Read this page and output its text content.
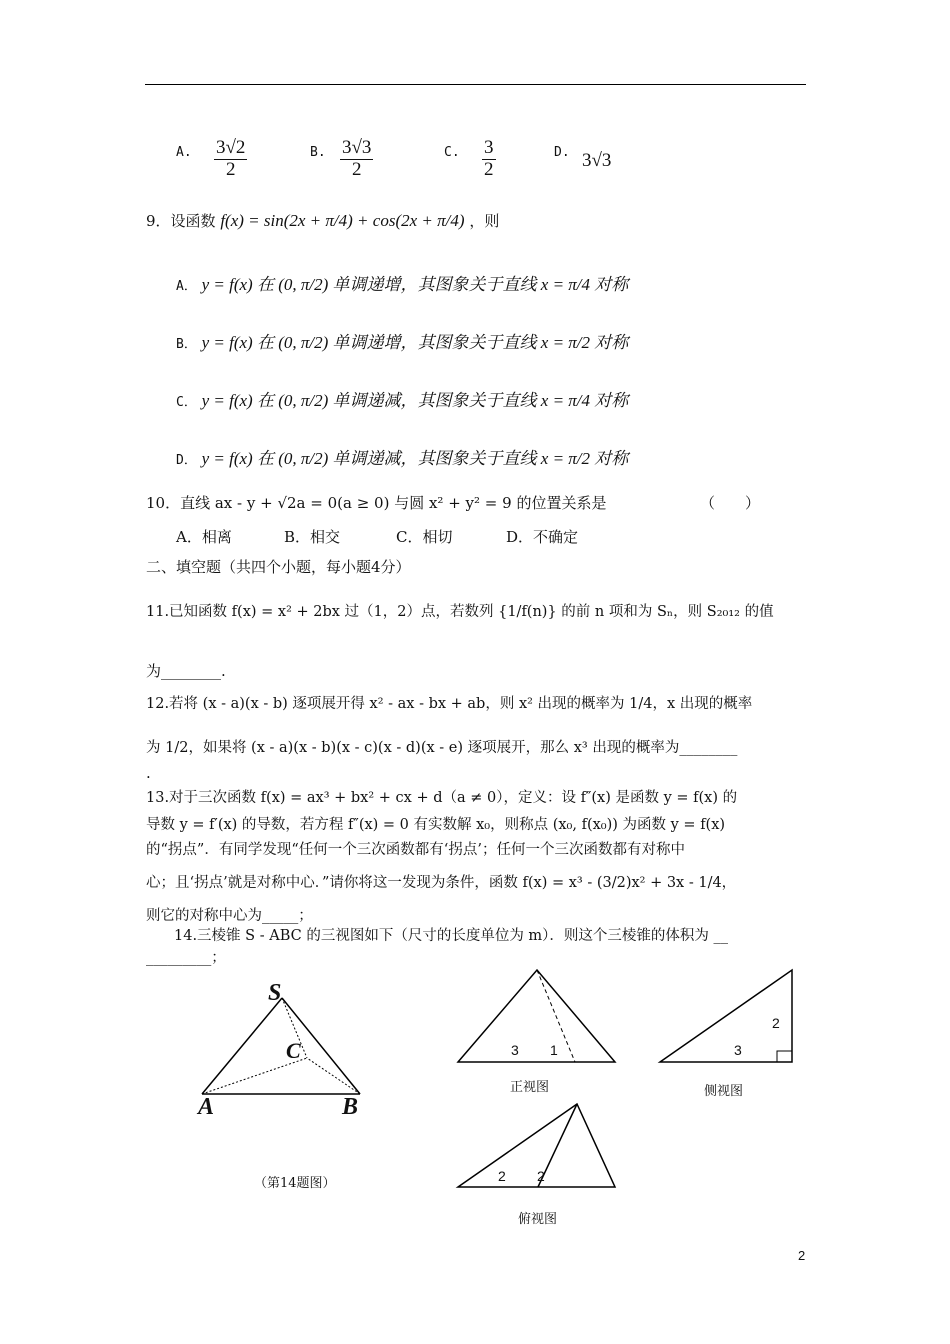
A. $\frac{3√2}{2}$	B. $\frac{3√3}{2}$	C. $\frac{3}{2}$	D. 3√3
9．设函数 f(x) = sin(2x + π/4) + cos(2x + π/4) ，则
A． y = f(x) 在 (0, π/2) 单调递增，其图象关于直线 x = π/4 对称
B． y = f(x) 在 (0, π/2) 单调递增，其图象关于直线 x = π/2 对称
C． y = f(x) 在 (0, π/2) 单调递减，其图象关于直线 x = π/4 对称
D． y = f(x) 在 (0, π/2) 单调递减，其图象关于直线 x = π/2 对称
10．直线 ax - y + √2a = 0(a ≥ 0) 与圆 x² + y² = 9 的位置关系是	（　　）
A．相离	B．相交	C．相切	D．不确定
二、填空题（共四个小题，每小题4分）
11.已知函数 f(x) = x² + 2bx 过（1，2）点，若数列 {1/f(n)} 的前 n 项和为 Sₙ，则 S₂₀₁₂ 的值
为________.
12.若将 (x - a)(x - b) 逐项展开得 x² - ax - bx + ab，则 x² 出现的概率为 1/4，x 出现的概率
为 1/2，如果将 (x - a)(x - b)(x - c)(x - d)(x - e) 逐项展开，那么 x³ 出现的概率为________
.
13.对于三次函数 f(x) = ax³ + bx² + cx + d（a ≠ 0），定义：设 f″(x) 是函数 y = f(x) 的
导数 y = f′(x) 的导数，若方程 f″(x) = 0 有实数解 x₀，则称点 (x₀, f(x₀)) 为函数 y = f(x)
的“拐点”．有同学发现“任何一个三次函数都有‘拐点’；任何一个三次函数都有对称中
心；且‘拐点’就是对称中心．”请你将这一发现为条件，函数 f(x) = x³ - (3/2)x² + 3x - 1/4，
则它的对称中心为_____；
14.三棱锥 S - ABC 的三视图如下（尺寸的长度单位为 m）．则这个三棱锥的体积为 __
_________；
S
C
A	B
（第14题图）
3 1
正视图
2
3
侧视图
2 2
俯视图
2
